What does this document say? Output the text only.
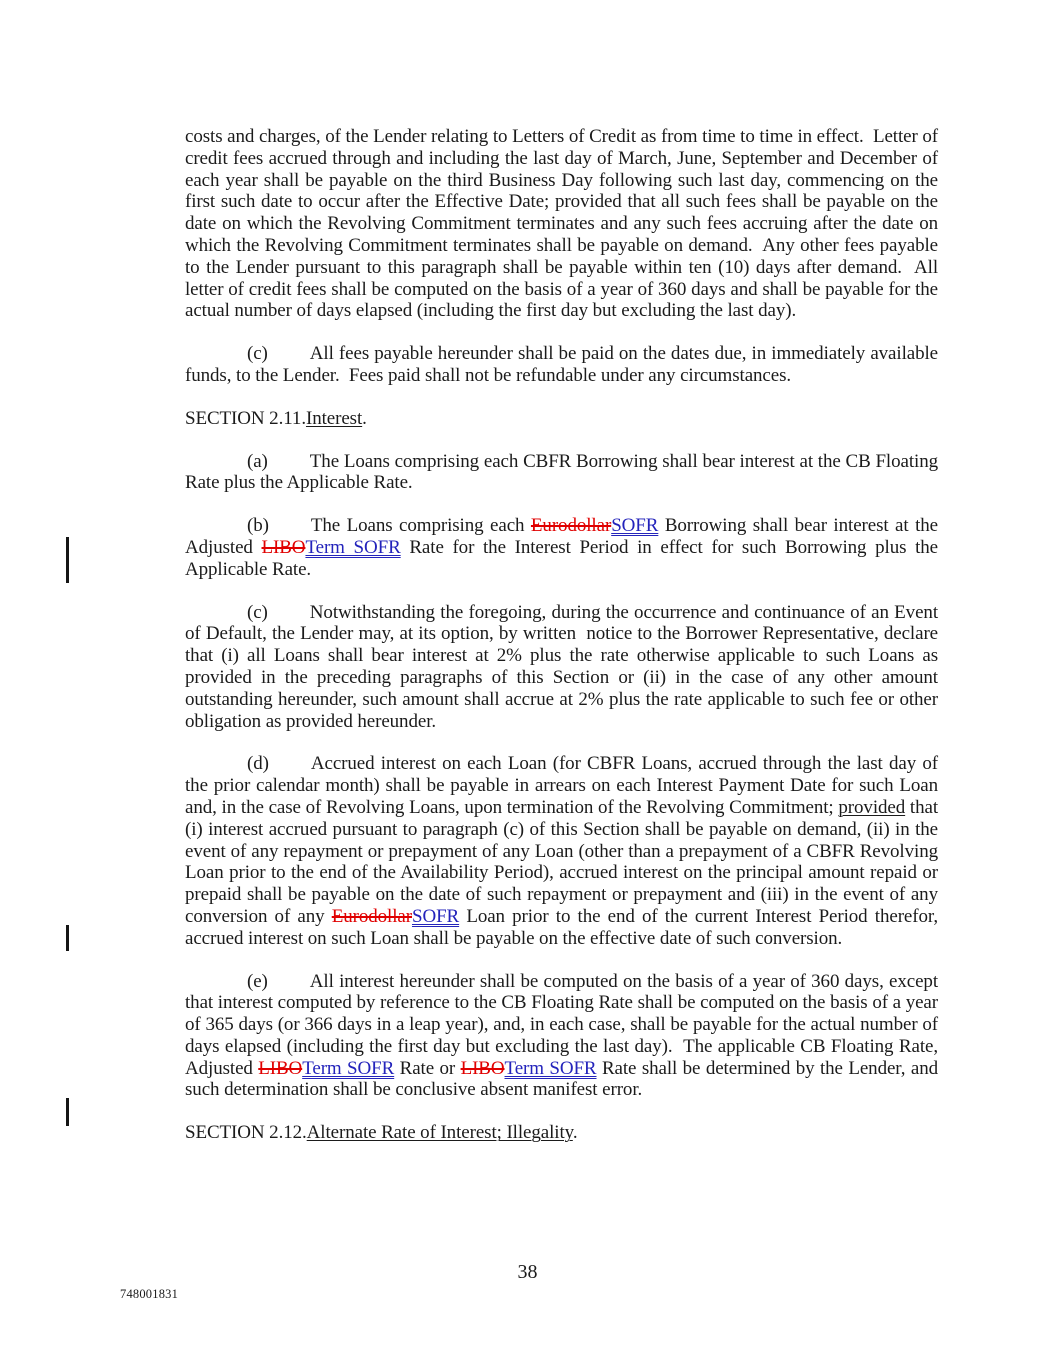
costs and charges, of the Lender relating to Letters of Credit as from time to time in effect.  Letter of credit fees accrued through and including the last day of March, June, September and December of each year shall be payable on the third Business Day following such last day, commencing on the first such date to occur after the Effective Date; provided that all such fees shall be payable on the date on which the Revolving Commitment terminates and any such fees accruing after the date on which the Revolving Commitment terminates shall be payable on demand.  Any other fees payable to the Lender pursuant to this paragraph shall be payable within ten (10) days after demand.  All letter of credit fees shall be computed on the basis of a year of 360 days and shall be payable for the actual number of days elapsed (including the first day but excluding the last day).

(c) All fees payable hereunder shall be paid on the dates due, in immediately available funds, to the Lender.  Fees paid shall not be refundable under any circumstances.

SECTION 2.11.Interest.

(a) The Loans comprising each CBFR Borrowing shall bear interest at the CB Floating Rate plus the Applicable Rate.

(b) The Loans comprising each EurodollarSOFR Borrowing shall bear interest at the Adjusted LIBOTerm SOFR Rate for the Interest Period in effect for such Borrowing plus the Applicable Rate.

(c) Notwithstanding the foregoing, during the occurrence and continuance of an Event of Default, the Lender may, at its option, by written  notice to the Borrower Representative, declare that (i) all Loans shall bear interest at 2% plus the rate otherwise applicable to such Loans as provided in the preceding paragraphs of this Section or (ii) in the case of any other amount outstanding hereunder, such amount shall accrue at 2% plus the rate applicable to such fee or other obligation as provided hereunder.

(d) Accrued interest on each Loan (for CBFR Loans, accrued through the last day of the prior calendar month) shall be payable in arrears on each Interest Payment Date for such Loan and, in the case of Revolving Loans, upon termination of the Revolving Commitment; provided that (i) interest accrued pursuant to paragraph (c) of this Section shall be payable on demand, (ii) in the event of any repayment or prepayment of any Loan (other than a prepayment of a CBFR Revolving Loan prior to the end of the Availability Period), accrued interest on the principal amount repaid or prepaid shall be payable on the date of such repayment or prepayment and (iii) in the event of any conversion of any EurodollarSOFR Loan prior to the end of the current Interest Period therefor, accrued interest on such Loan shall be payable on the effective date of such conversion.

(e) All interest hereunder shall be computed on the basis of a year of 360 days, except that interest computed by reference to the CB Floating Rate shall be computed on the basis of a year of 365 days (or 366 days in a leap year), and, in each case, shall be payable for the actual number of days elapsed (including the first day but excluding the last day).  The applicable CB Floating Rate, Adjusted LIBOTerm SOFR Rate or LIBOTerm SOFR Rate shall be determined by the Lender, and such determination shall be conclusive absent manifest error.

SECTION 2.12.Alternate Rate of Interest; Illegality.

38
748001831
